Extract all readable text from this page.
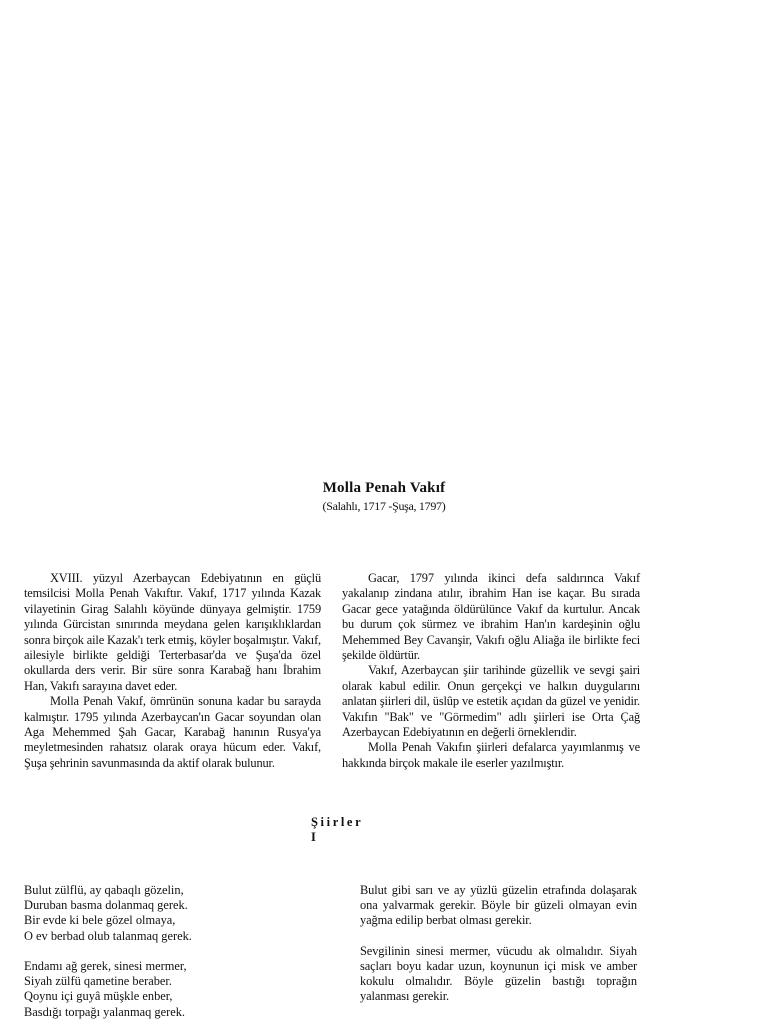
Molla Penah Vakıf
(Salahlı, 1717 -Şuşa, 1797)

XVIII. yüzyıl Azerbaycan Edebiyatının en güçlü temsilcisi Molla Penah Vakıftır. Vakıf, 1717 yılında Kazak vilayetinin Girag Salahlı köyünde dünyaya gelmiştir. 1759 yılında Gürcistan sınırında meydana gelen karışıklıklardan sonra birçok aile Kazak'ı terk etmiş, köyler boşalmıştır. Vakıf, ailesiyle birlikte geldiği Terterbasar'da ve Şuşa'da özel okullarda ders verir. Bir süre sonra Karabağ hanı İbrahim Han, Vakıfı sarayına davet eder.

Molla Penah Vakıf, ömrünün sonuna kadar bu sarayda kalmıştır. 1795 yılında Azerbaycan'ın Gacar soyundan olan Aga Mehemmed Şah Gacar, Karabağ hanının Rusya'ya meyletmesinden rahatsız olarak oraya hücum eder. Vakıf, Şuşa şehrinin savunmasında da aktif olarak bulunur.

Gacar, 1797 yılında ikinci defa saldırınca Vakıf yakalanıp zindana atılır, ibrahim Han ise kaçar. Bu sırada Gacar gece yatağında öldürülünce Vakıf da kurtulur. Ancak bu durum çok sürmez ve ibrahim Han'ın kardeşinin oğlu Mehemmed Bey Cavanşir, Vakıfı oğlu Aliağa ile birlikte feci şekilde öldürtür.

Vakıf, Azerbaycan şiir tarihinde güzellik ve sevgi şairi olarak kabul edilir. Onun gerçekçi ve halkın duygularını anlatan şiirleri dil, üslûp ve estetik açıdan da güzel ve yenidir. Vakıfın "Bak" ve "Görmedim" adlı şiirleri ise Orta Çağ Azerbaycan Edebiyatının en değerli örneklerıdir.

Molla Penah Vakıfın şiirleri defalarca yayımlanmış ve hakkında birçok makale ile eserler yazılmıştır.

Şiirler
I
Bulut zülflü, ay qabaqlı gözelin,
Duruban basma dolanmaq gerek.
Bir evde ki bele gözel olmaya,
O ev berbad olub talanmaq gerek.
Endamı ağ gerek, sinesi mermer,
Siyah zülfü qametine beraber.
Qoynu içi guyâ müşkle enber,
Basdığı torpağı yalanmaq gerek.

Bulut gibi sarı ve ay yüzlü güzelin etrafında dolaşarak ona yalvarmak gerekir. Böyle bir güzeli olmayan evin yağma edilip berbat olması gerekir.

Sevgilinin sinesi mermer, vücudu ak olmalıdır. Siyah saçları boyu kadar uzun, koynunun içi misk ve amber kokulu olmalıdır. Böyle güzelin bastığı toprağın yalanması gerekir.
